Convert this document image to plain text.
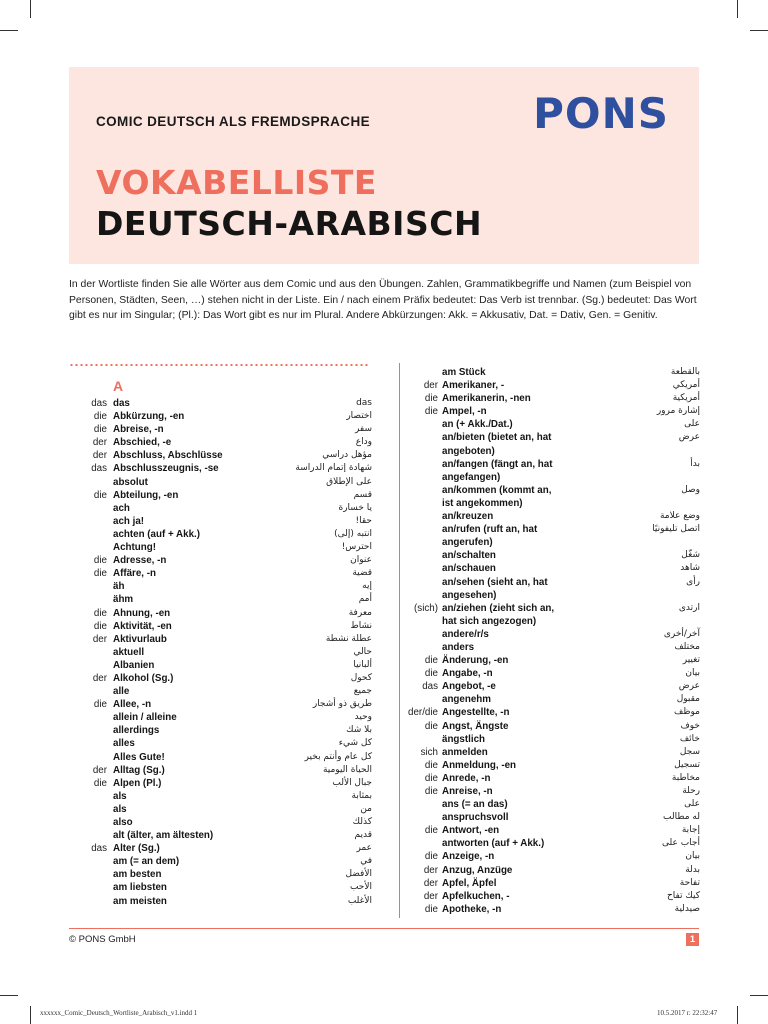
COMIC DEUTSCH ALS FREMDSPRACHE	PONS
VOKABELLISTE
DEUTSCH-ARABISCH
In der Wortliste finden Sie alle Wörter aus dem Comic und aus den Übungen. Zahlen, Grammatikbegriffe und Namen (zum Beispiel von Personen, Städten, Seen, …) stehen nicht in der Liste. Ein / nach einem Präfix bedeutet: Das Verb ist trennbar. (Sg.) bedeutet: Das Wort gibt es nur im Singular; (Pl.): Das Wort gibt es nur im Plural. Andere Abkürzungen: Akk. = Akkusativ, Dat. = Dativ, Gen. = Genitiv.
A
das das	das
die Abkürzung, -en	اختصار
die Abreise, -n	سفر
der Abschied, -e	وداع
der Abschluss, Abschlüsse	مؤهل دراسي
das Abschlusszeugnis, -se	شهادة إتمام الدراسة
absolut	على الإطلاق
die Abteilung, -en	قسم
ach	يا خسارة
ach ja!	حقا!
achten (auf + Akk.)	انتبه (إلى)
Achtung!	احترس!
die Adresse, -n	عنوان
die Affäre, -n	قضية
äh	إيه
ähm	أمم
die Ahnung, -en	معرفة
die Aktivität, -en	نشاط
der Aktivurlaub	عطلة نشطة
aktuell	حالي
Albanien	ألبانيا
der Alkohol (Sg.)	كحول
alle	جميع
die Allee, -n	طريق ذو أشجار
allein / alleine	وحيد
allerdings	بلا شك
alles	كل شيء
Alles Gute!	كل عام وأنتم بخير
der Alltag (Sg.)	الحياة اليومية
die Alpen (Pl.)	جبال الألب
als	بمثابة
als	من
also	كذلك
alt (älter, am ältesten)	قديم
das Alter (Sg.)	عمر
am (= an dem)	في
am besten	الأفضل
am liebsten	الأحب
am meisten	الأغلب
am Stück	بالقطعة
der Amerikaner, -	أمريكي
die Amerikanerin, -nen	أمريكية
die Ampel, -n	إشارة مرور
an (+ Akk./Dat.)	على
an/bieten (bietet an, hat	عرض
angeboten)
an/fangen (fängt an, hat	بدأ
angefangen)
an/kommen (kommt an,	وصل
ist angekommen)
an/kreuzen	وضع علامة
an/rufen (ruft an, hat	اتصل تليفونيًا
angerufen)
an/schalten	شغّل
an/schauen	شاهد
an/sehen (sieht an, hat	رأى
angesehen)
(sich) an/ziehen (zieht sich an,	ارتدى
hat sich angezogen)
andere/r/s	آخر/أخرى
anders	مختلف
die Änderung, -en	تغيير
die Angabe, -n	بيان
das Angebot, -e	عرض
angenehm	مقبول
der/die Angestellte, -n	موظف
die Angst, Ängste	خوف
ängstlich	خائف
sich anmelden	سجل
die Anmeldung, -en	تسجيل
die Anrede, -n	مخاطبة
die Anreise, -n	رحلة
ans (= an das)	على
anspruchsvoll	له مطالب
die Antwort, -en	إجابة
antworten (auf + Akk.)	أجاب على
die Anzeige, -n	بيان
der Anzug, Anzüge	بدلة
der Apfel, Äpfel	تفاحة
der Apfelkuchen, -	كيك تفاح
die Apotheke, -n	صيدلية
© PONS GmbH	1
xxxxxx_Comic_Deutsch_Wortliste_Arabisch_v1.indd 1	10.5.2017 г. 22:32:47
